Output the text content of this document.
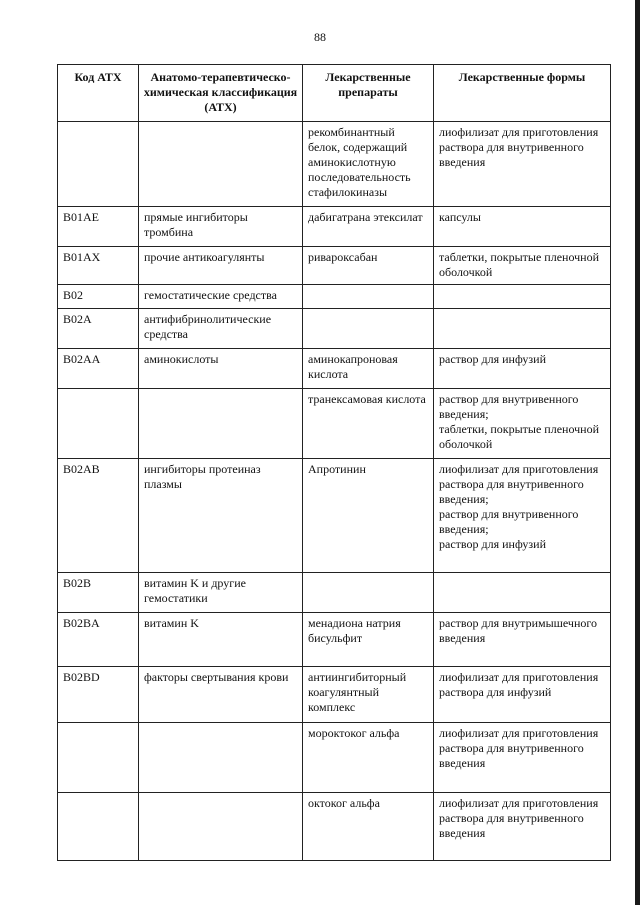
88
Код АТХ	Анатомо-терапевтическо-химическая классификация (АТХ)	Лекарственные препараты	Лекарственные формы
		рекомбинантный белок, содержащий аминокислотную последовательность стафилокиназы	лиофилизат для приготовления раствора для внутривенного введения
B01AE	прямые ингибиторы тромбина	дабигатрана этексилат	капсулы
B01AX	прочие антикоагулянты	ривароксабан	таблетки, покрытые пленочной оболочкой
B02	гемостатические средства		
B02A	антифибринолитические средства		
B02AA	аминокислоты	аминокапроновая кислота	раствор для инфузий
		транексамовая кислота	раствор для внутривенного введения;
таблетки, покрытые пленочной оболочкой
B02AB	ингибиторы протеиназ плазмы	Апротинин	лиофилизат для приготовления раствора для внутривенного введения;
раствор для внутривенного введения;
раствор для инфузий
B02B	витамин K и другие гемостатики		
B02BA	витамин K	менадиона натрия бисульфит	раствор для внутримышечного введения
B02BD	факторы свертывания крови	антиингибиторный коагулянтный комплекс	лиофилизат для приготовления раствора для инфузий
		мороктоког альфа	лиофилизат для приготовления раствора для внутривенного введения
		октоког альфа	лиофилизат для приготовления раствора для внутривенного введения
